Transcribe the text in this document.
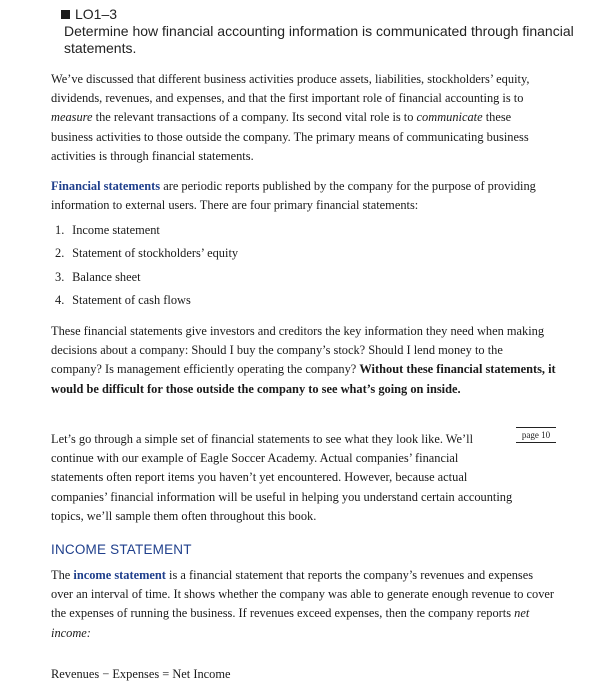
LO1–3
Determine how financial accounting information is communicated through financial statements.

We’ve discussed that different business activities produce assets, liabilities, stockholders’ equity, dividends, revenues, and expenses, and that the first important role of financial accounting is to measure the relevant transactions of a company. Its second vital role is to communicate these business activities to those outside the company. The primary means of communicating business activities is through financial statements.

Financial statements are periodic reports published by the company for the purpose of providing information to external users. There are four primary financial statements:

1. Income statement
2. Statement of stockholders’ equity
3. Balance sheet
4. Statement of cash flows

These financial statements give investors and creditors the key information they need when making decisions about a company: Should I buy the company’s stock? Should I lend money to the company? Is management efficiently operating the company? Without these financial statements, it would be difficult for those outside the company to see what’s going on inside.

Let’s go through a simple set of financial statements to see what they look like. We’ll continue with our example of Eagle Soccer Academy. Actual companies’ financial statements often report items you haven’t yet encountered. However, because actual companies’ financial information will be useful in helping you understand certain accounting topics, we’ll sample them often throughout this book.

page 10
INCOME STATEMENT

The income statement is a financial statement that reports the company’s revenues and expenses over an interval of time. It shows whether the company was able to generate enough revenue to cover the expenses of running the business. If revenues exceed expenses, then the company reports net income:

Revenues − Expenses = Net Income
